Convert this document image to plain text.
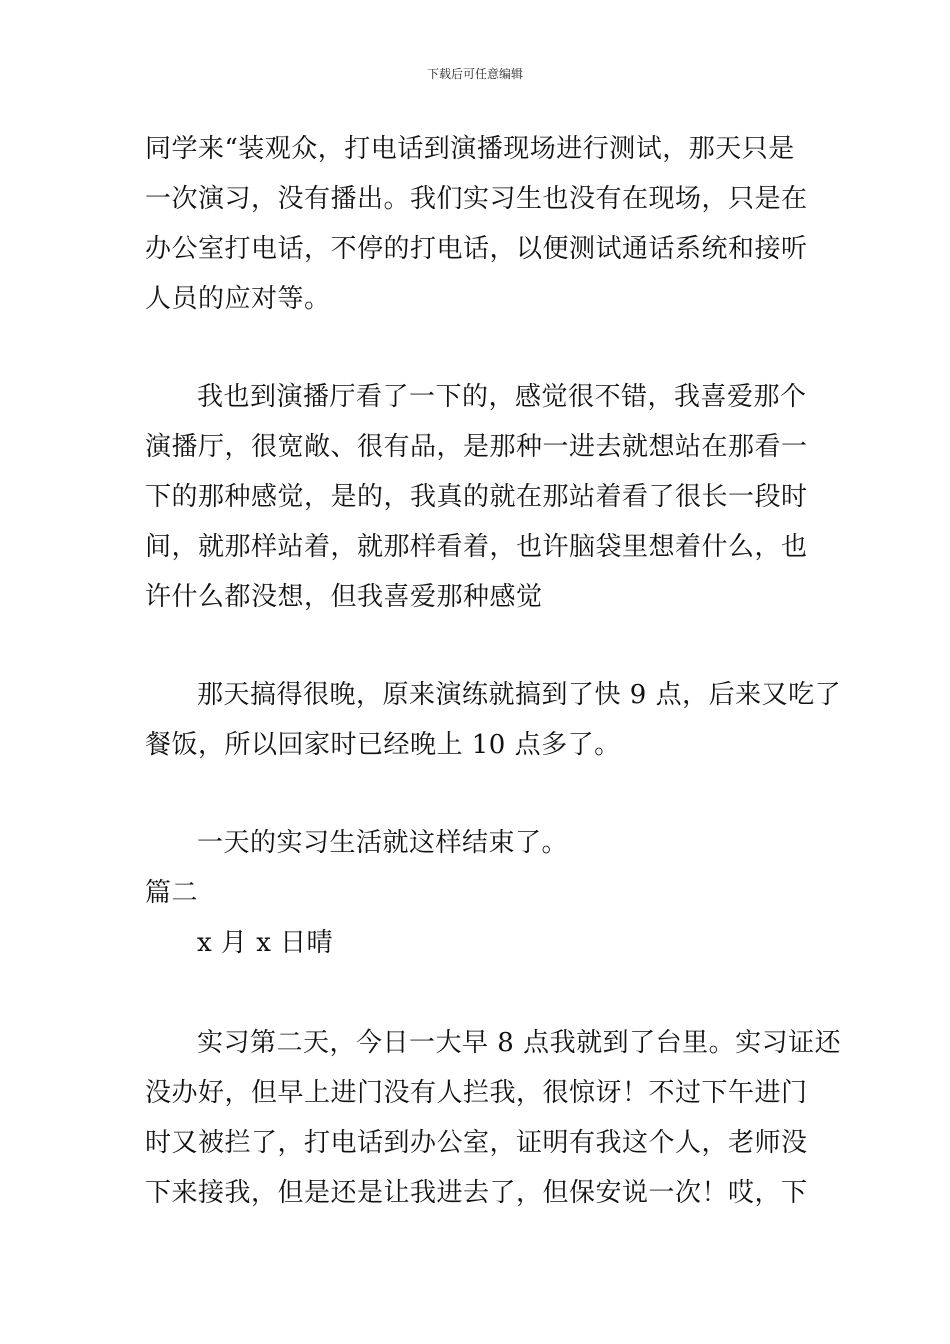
下载后可任意编辑
同学来“装观众，打电话到演播现场进行测试，那天只是
一次演习，没有播出。我们实习生也没有在现场，只是在
办公室打电话，不停的打电话，以便测试通话系统和接听
人员的应对等。
我也到演播厅看了一下的，感觉很不错，我喜爱那个
演播厅，很宽敞、很有品，是那种一进去就想站在那看一
下的那种感觉，是的，我真的就在那站着看了很长一段时
间，就那样站着，就那样看着，也许脑袋里想着什么，也
许什么都没想，但我喜爱那种感觉
那天搞得很晚，原来演练就搞到了快 9 点，后来又吃了
餐饭，所以回家时已经晚上 10 点多了。
一天的实习生活就这样结束了。
篇二
x 月 x 日晴
实习第二天，今日一大早 8 点我就到了台里。实习证还
没办好，但早上进门没有人拦我，很惊讶！不过下午进门
时又被拦了，打电话到办公室，证明有我这个人，老师没
下来接我，但是还是让我进去了，但保安说一次！哎，下
